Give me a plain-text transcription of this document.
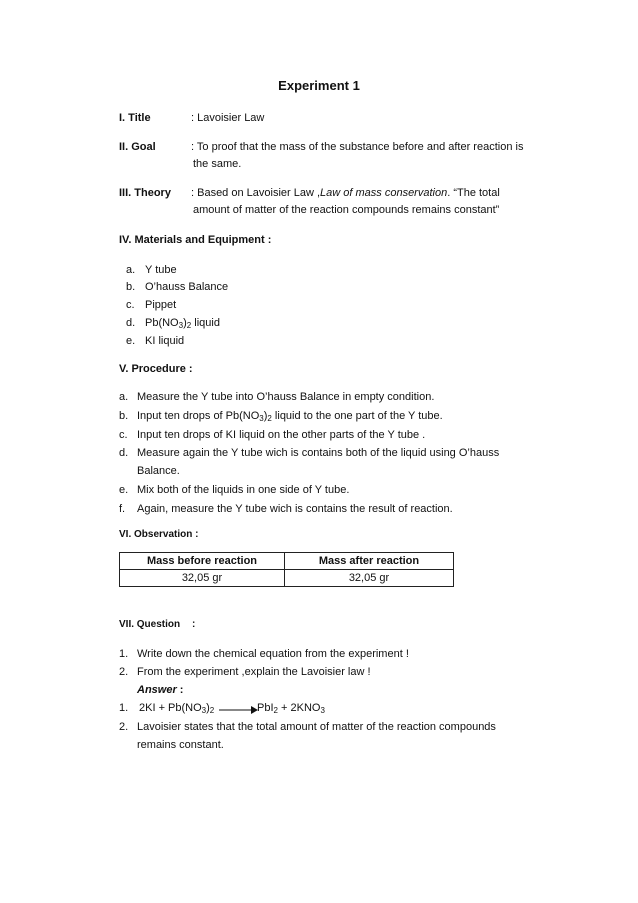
Experiment 1
I. Title	: Lavoisier Law
II. Goal	: To proof that the mass of the substance before and after reaction is
the same.
III. Theory : Based on Lavoisier Law ,Law of mass conservation. “The total
amount of matter of the reaction compounds remains constant”
IV. Materials and Equipment :
a. Y tube
b. O’hauss Balance
c. Pippet
d. $Pb(NO_3)_2$ liquid
e. KI liquid
V. Procedure :
a. Measure the Y tube into O’hauss Balance in empty condition.
b. Input ten drops of $Pb(NO_3)_2$ liquid to the one part of the Y tube.
c. Input ten drops of KI liquid on the other parts of the Y tube .
d. Measure again the Y tube wich is contains both of the liquid using O’hauss
Balance.
e. Mix both of the liquids in one side of Y tube.
f. Again, measure the Y tube wich is contains the result of reaction.
VI. Observation :
Mass before reaction	Mass after reaction
32,05 gr	32,05 gr
VII. Question :
1. Write down the chemical equation from the experiment !
2. From the experiment ,explain the Lavoisier law !
Answer :
1. $2KI + Pb(NO_3)_2$ →
$PbI_2 + 2KNO_3$
2. Lavoisier states that the total amount of matter of the reaction compounds
remains constant.
